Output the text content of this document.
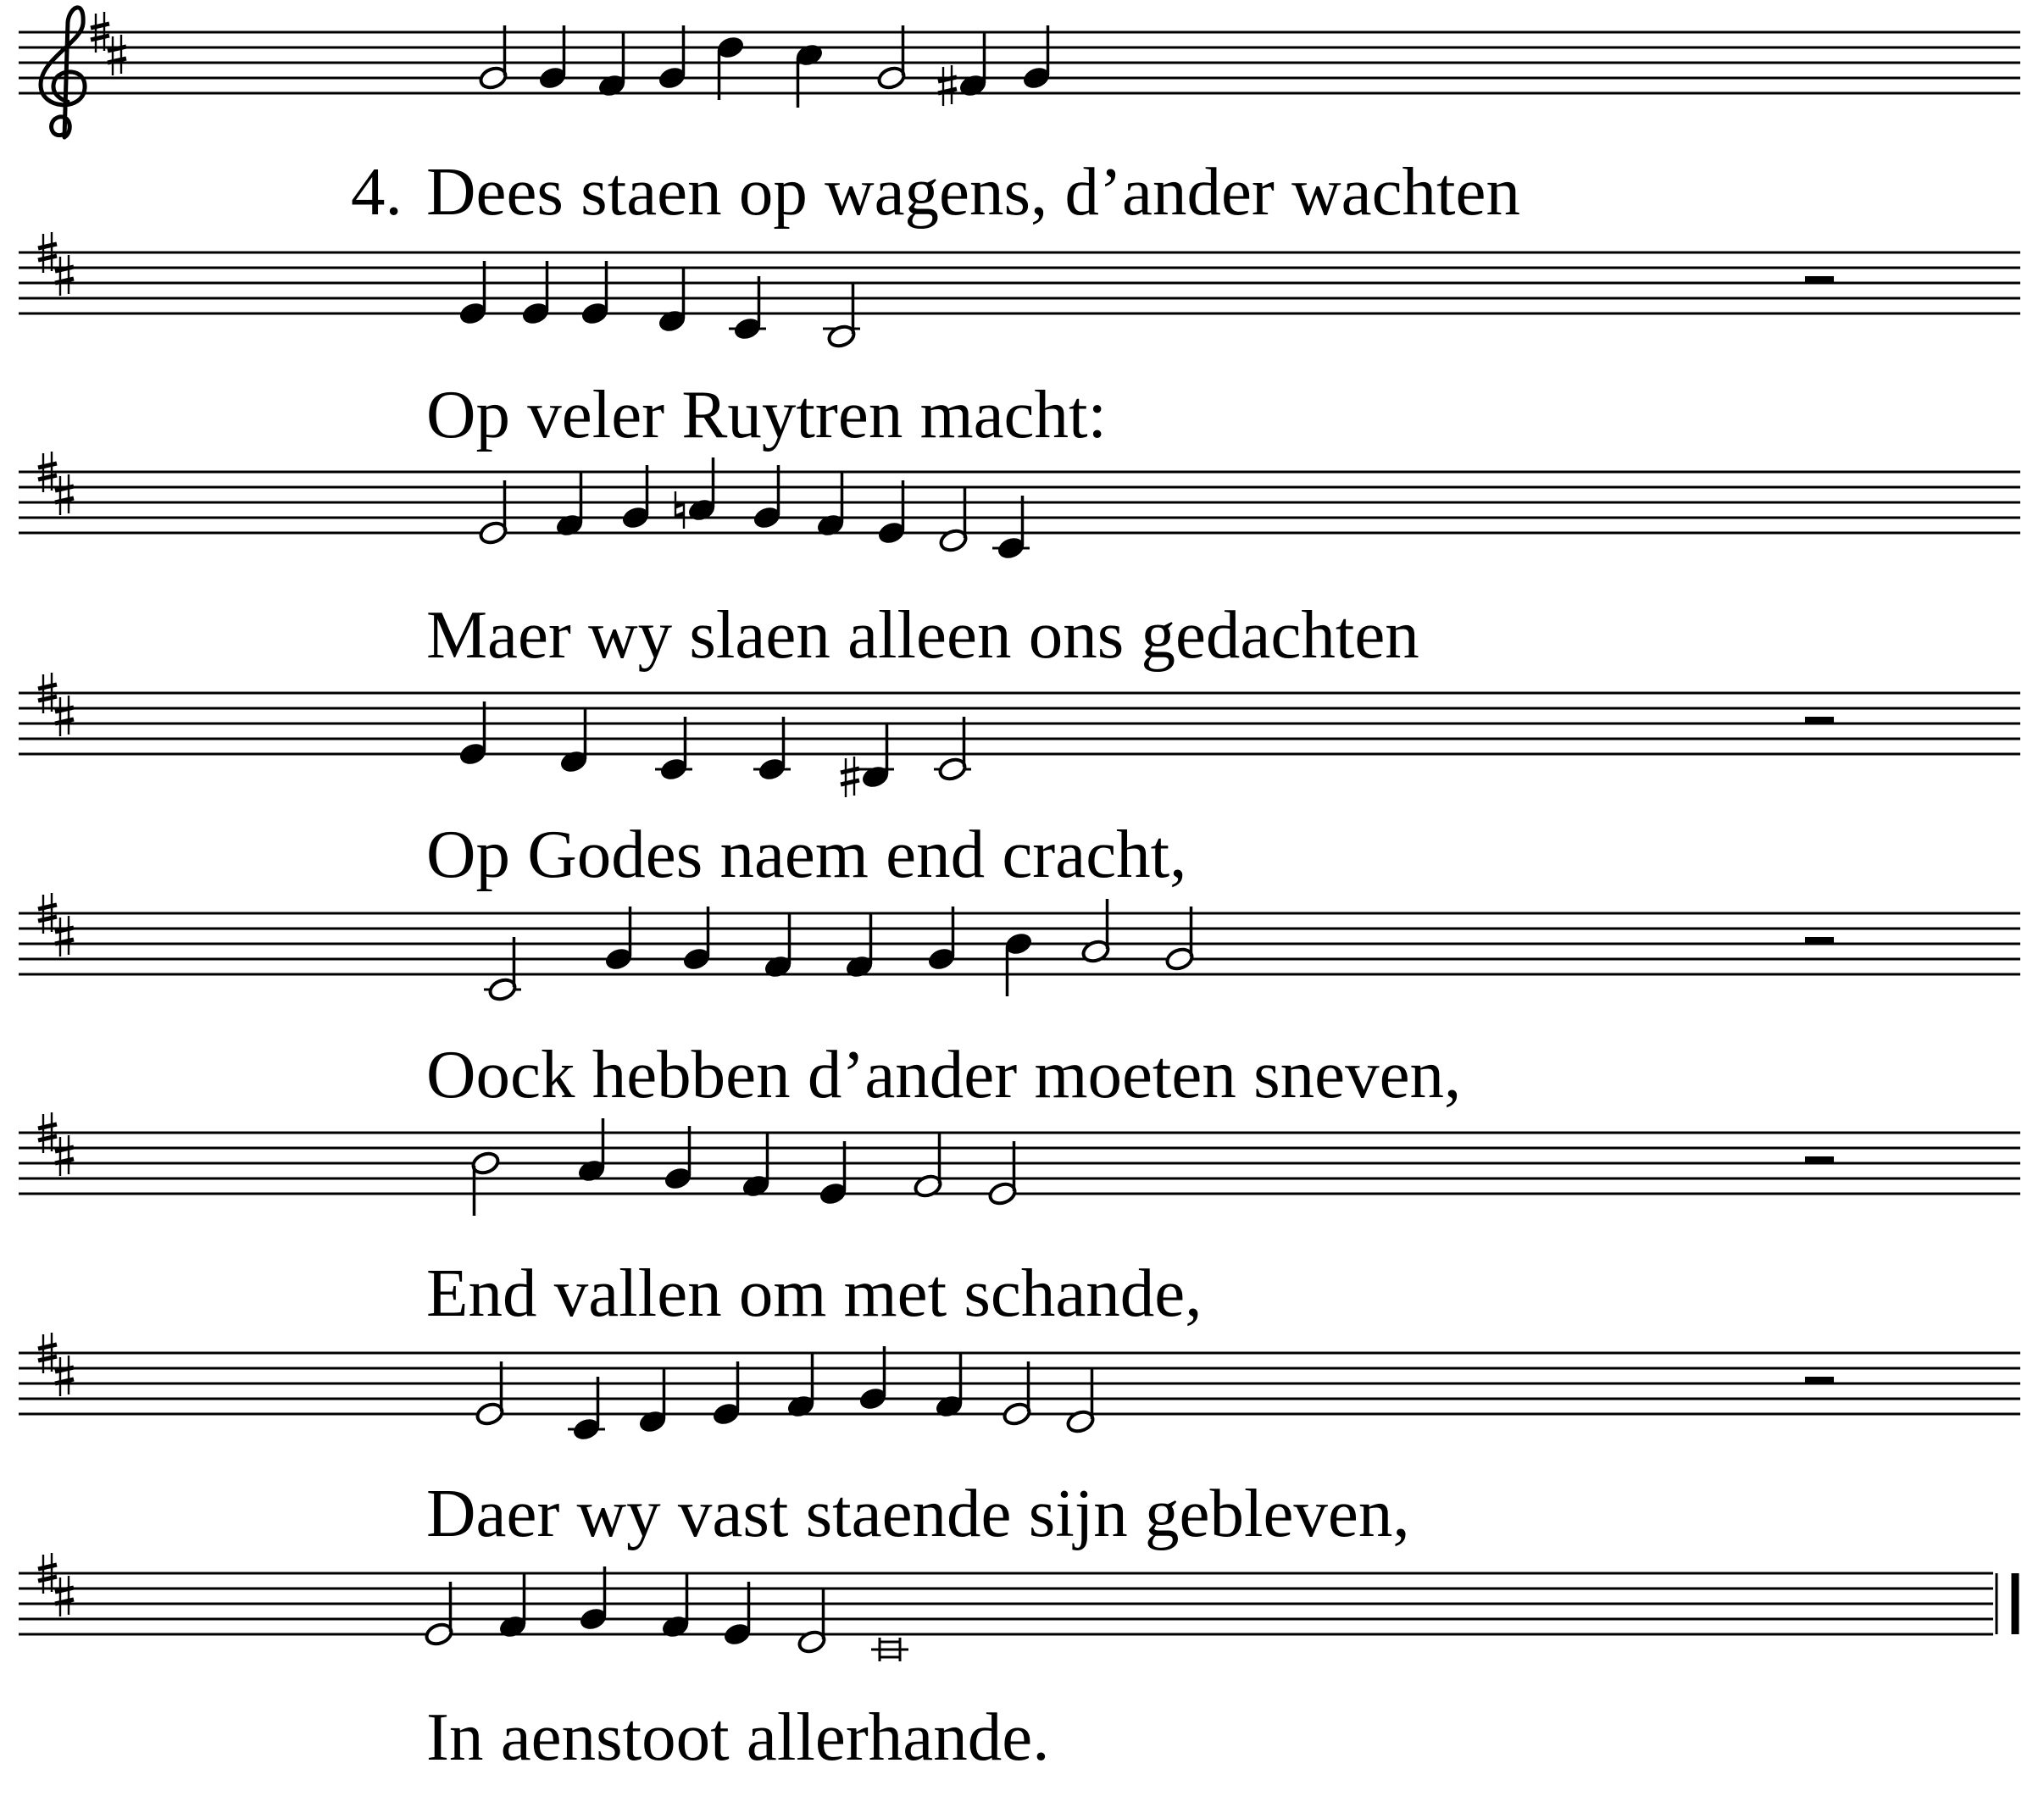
Dees staen op wagens, d’ander wachten
Op veler Ruytren macht:
Maer wy slaen alleen ons gedachten
Op Godes naem end cracht,
Oock hebben d’ander moeten sneven,
End vallen om met schande,
Daer wy vast staende sijn gebleven,
In aenstoot allerhande.
4.
